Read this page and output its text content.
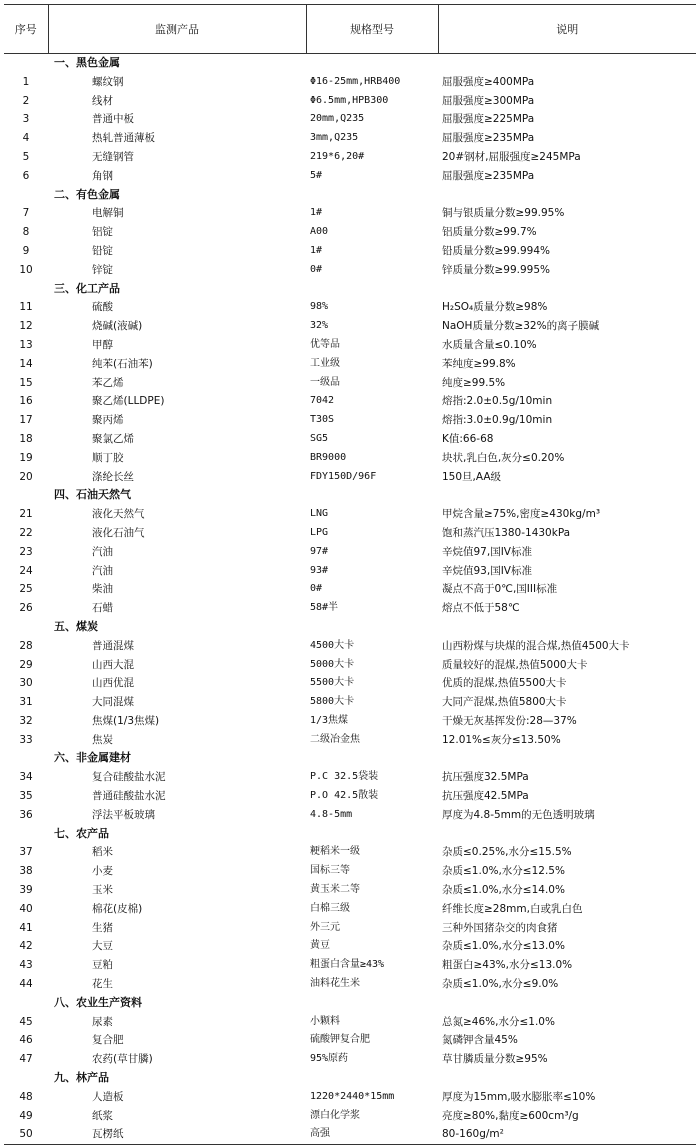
序号	监测产品	规格型号	说明
	一、黑色金属		
1	螺纹钢	Φ16-25mm,HRB400	屈服强度≥400MPa
2	线材	Φ6.5mm,HPB300	屈服强度≥300MPa
3	普通中板	20mm,Q235	屈服强度≥225MPa
4	热轧普通薄板	3mm,Q235	屈服强度≥235MPa
5	无缝钢管	219*6,20#	20#钢材,屈服强度≥245MPa
6	角钢	5#	屈服强度≥235MPa
	二、有色金属		
7	电解铜	1#	铜与银质量分数≥99.95%
8	铝锭	A00	铝质量分数≥99.7%
9	铅锭	1#	铅质量分数≥99.994%
10	锌锭	0#	锌质量分数≥99.995%
	三、化工产品		
11	硫酸	98%	H₂SO₄质量分数≥98%
12	烧碱(液碱)	32%	NaOH质量分数≥32%的离子膜碱
13	甲醇	优等品	水质量含量≤0.10%
14	纯苯(石油苯)	工业级	苯纯度≥99.8%
15	苯乙烯	一级品	纯度≥99.5%
16	聚乙烯(LLDPE)	7042	熔指:2.0±0.5g/10min
17	聚丙烯	T30S	熔指:3.0±0.9g/10min
18	聚氯乙烯	SG5	K值:66-68
19	顺丁胶	BR9000	块状,乳白色,灰分≤0.20%
20	涤纶长丝	FDY150D/96F	150旦,AA级
	四、石油天然气		
21	液化天然气	LNG	甲烷含量≥75%,密度≥430kg/m³
22	液化石油气	LPG	饱和蒸汽压1380-1430kPa
23	汽油	97#	辛烷值97,国IV标准
24	汽油	93#	辛烷值93,国IV标准
25	柴油	0#	凝点不高于0℃,国III标准
26	石蜡	58#半	熔点不低于58℃
	五、煤炭		
28	普通混煤	4500大卡	山西粉煤与块煤的混合煤,热值4500大卡
29	山西大混	5000大卡	质量较好的混煤,热值5000大卡
30	山西优混	5500大卡	优质的混煤,热值5500大卡
31	大同混煤	5800大卡	大同产混煤,热值5800大卡
32	焦煤(1/3焦煤)	1/3焦煤	干燥无灰基挥发份:28—37%
33	焦炭	二级冶金焦	12.01%≤灰分≤13.50%
	六、非金属建材		
34	复合硅酸盐水泥	P.C 32.5袋装	抗压强度32.5MPa
35	普通硅酸盐水泥	P.O 42.5散装	抗压强度42.5MPa
36	浮法平板玻璃	4.8-5mm	厚度为4.8-5mm的无色透明玻璃
	七、农产品		
37	稻米	粳稻米一级	杂质≤0.25%,水分≤15.5%
38	小麦	国标三等	杂质≤1.0%,水分≤12.5%
39	玉米	黄玉米二等	杂质≤1.0%,水分≤14.0%
40	棉花(皮棉)	白棉三级	纤维长度≥28mm,白或乳白色
41	生猪	外三元	三种外国猪杂交的肉食猪
42	大豆	黄豆	杂质≤1.0%,水分≤13.0%
43	豆粕	粗蛋白含量≥43%	粗蛋白≥43%,水分≤13.0%
44	花生	油料花生米	杂质≤1.0%,水分≤9.0%
	八、农业生产资料		
45	尿素	小颗料	总氮≥46%,水分≤1.0%
46	复合肥	硫酸钾复合肥	氮磷钾含量45%
47	农药(草甘膦)	95%原药	草甘膦质量分数≥95%
	九、林产品		
48	人造板	1220*2440*15mm	厚度为15mm,吸水膨胀率≤10%
49	纸浆	漂白化学浆	亮度≥80%,黏度≥600cm³/g
50	瓦楞纸	高强	80-160g/m²
